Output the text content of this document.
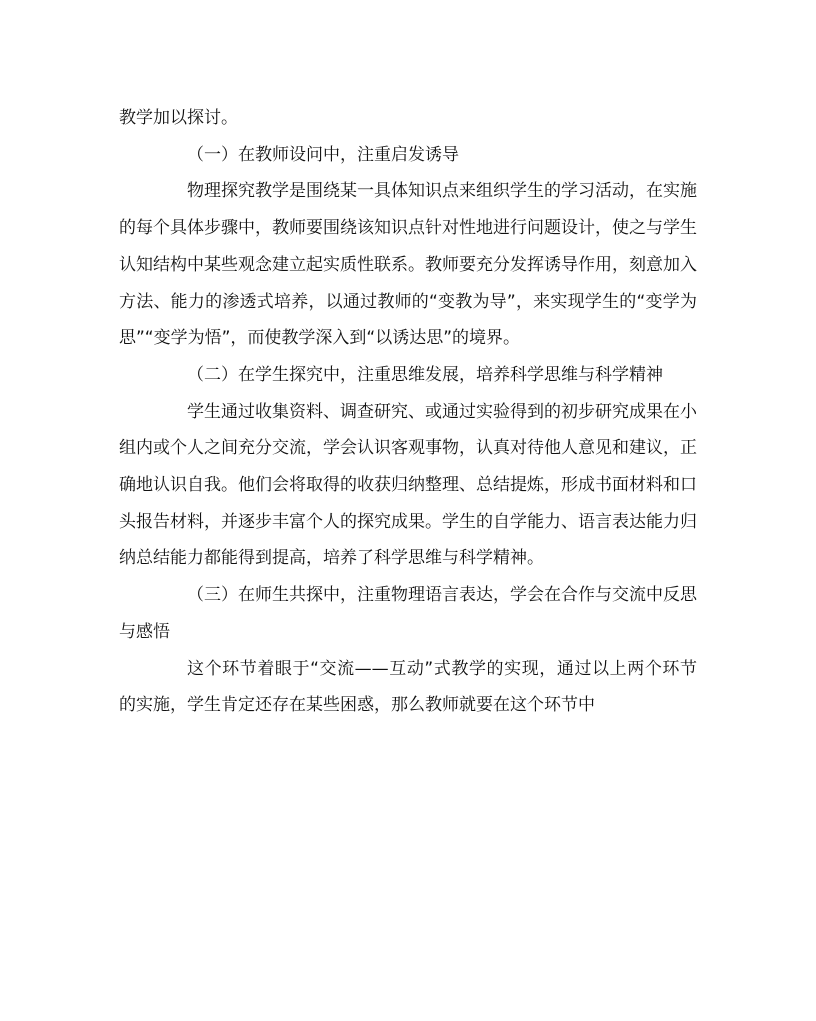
教学加以探讨。

（一）在教师设问中，注重启发诱导

物理探究教学是围绕某一具体知识点来组织学生的学习活动，在实施的每个具体步骤中，教师要围绕该知识点针对性地进行问题设计，使之与学生认知结构中某些观念建立起实质性联系。教师要充分发挥诱导作用，刻意加入方法、能力的渗透式培养，以通过教师的“变教为导”，来实现学生的“变学为思”“变学为悟”，而使教学深入到“以诱达思”的境界。

（二）在学生探究中，注重思维发展，培养科学思维与科学精神

学生通过收集资料、调查研究、或通过实验得到的初步研究成果在小组内或个人之间充分交流，学会认识客观事物，认真对待他人意见和建议，正确地认识自我。他们会将取得的收获归纳整理、总结提炼，形成书面材料和口头报告材料，并逐步丰富个人的探究成果。学生的自学能力、语言表达能力归纳总结能力都能得到提高，培养了科学思维与科学精神。

（三）在师生共探中，注重物理语言表达，学会在合作与交流中反思与感悟

这个环节着眼于“交流——互动”式教学的实现，通过以上两个环节的实施，学生肯定还存在某些困惑，那么教师就要在这个环节中
